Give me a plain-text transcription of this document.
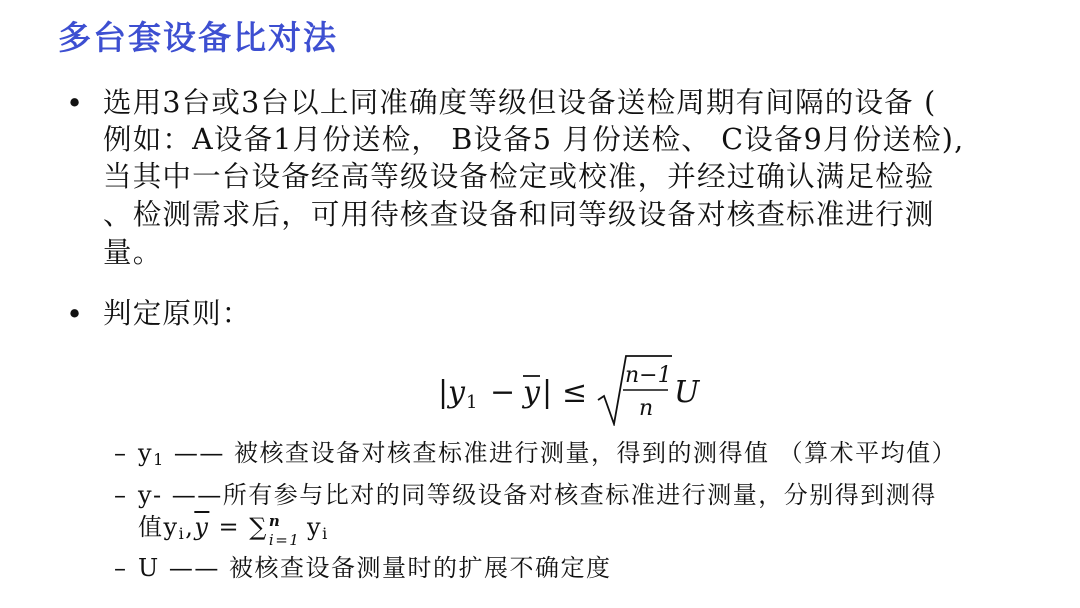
多台套设备比对法
• 选用3台或3台以上同准确度等级但设备送检周期有间隔的设备 (
例如：A设备1月份送检， B设备5 月份送检、 C设备9月份送检),
当其中一台设备经高等级设备检定或校准，并经过确认满足检验
、检测需求后，可用待核查设备和同等级设备对核查标准进行测
量。
• 判定原则：
| y 1 − y | ≤ n−1
n U
– y1 —— 被核查设备对核查标准进行测量，得到的测得值 （算术平均值）
– y- ——所有参与比对的同等级设备对核查标准进行测量，分别得到测得
值$yi,\overline{y}$ = ∑ n
i=1
yi
– U —— 被核查设备测量时的扩展不确定度
